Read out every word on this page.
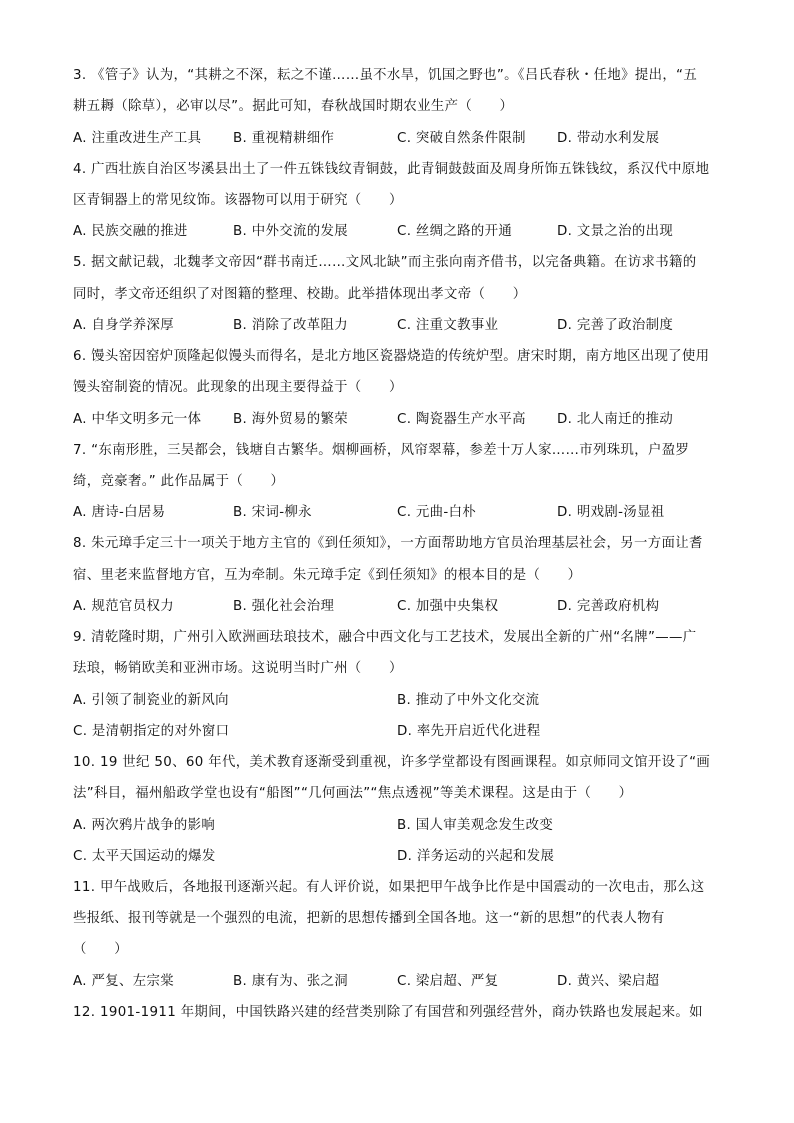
3. 《管子》认为，“其耕之不深，耘之不谨……虽不水旱，饥国之野也”。《吕氏春秋・任地》提出，“五
耕五耨（除草），必审以尽”。据此可知，春秋战国时期农业生产（　　）
A. 注重改进生产工具 B. 重视精耕细作	C. 突破自然条件限制 D. 带动水利发展
4. 广西壮族自治区岑溪县出土了一件五铢钱纹青铜鼓，此青铜鼓鼓面及周身所饰五铢钱纹，系汉代中原地
区青铜器上的常见纹饰。该器物可以用于研究（　　）
A. 民族交融的推进	B. 中外交流的发展	C. 丝绸之路的开通	D. 文景之治的出现
5. 据文献记载，北魏孝文帝因“群书南迁……文风北缺”而主张向南齐借书，以完备典籍。在访求书籍的
同时，孝文帝还组织了对图籍的整理、校勘。此举措体现出孝文帝（　　）
A. 自身学养深厚	B. 消除了改革阻力	C. 注重文教事业	D. 完善了政治制度
6. 馒头窑因窑炉顶隆起似馒头而得名，是北方地区瓷器烧造的传统炉型。唐宋时期，南方地区出现了使用
馒头窑制瓷的情况。此现象的出现主要得益于（　　）
A. 中华文明多元一体 B. 海外贸易的繁荣	C. 陶瓷器生产水平高 D. 北人南迁的推动
7. “东南形胜，三吴都会，钱塘自古繁华。烟柳画桥，风帘翠幕，参差十万人家……市列珠玑，户盈罗
绮，竞豪奢。” 此作品属于（　　）
A. 唐诗-白居易	B. 宋词-柳永	C. 元曲-白朴	D. 明戏剧-汤显祖
8. 朱元璋手定三十一项关于地方主官的《到任须知》，一方面帮助地方官员治理基层社会，另一方面让耆
宿、里老来监督地方官，互为牵制。朱元璋手定《到任须知》的根本目的是（　　）
A. 规范官员权力	B. 强化社会治理	C. 加强中央集权	D. 完善政府机构
9. 清乾隆时期，广州引入欧洲画珐琅技术，融合中西文化与工艺技术，发展出全新的广州“名牌”——广
珐琅，畅销欧美和亚洲市场。这说明当时广州（　　）
A. 引领了制瓷业的新风向	B. 推动了中外文化交流
C. 是清朝指定的对外窗口	D. 率先开启近代化进程
10. 19 世纪 50、60 年代，美术教育逐渐受到重视，许多学堂都设有图画课程。如京师同文馆开设了“画
法”科目，福州船政学堂也设有“船图”“几何画法”“焦点透视”等美术课程。这是由于（　　）
A. 两次鸦片战争的影响	B. 国人审美观念发生改变
C. 太平天国运动的爆发	D. 洋务运动的兴起和发展
11. 甲午战败后，各地报刊逐渐兴起。有人评价说，如果把甲午战争比作是中国震动的一次电击，那么这
些报纸、报刊等就是一个强烈的电流，把新的思想传播到全国各地。这一“新的思想”的代表人物有
（　　）
A. 严复、左宗棠	B. 康有为、张之洞	C. 梁启超、严复	D. 黄兴、梁启超
12. 1901-1911 年期间，中国铁路兴建的经营类别除了有国营和列强经营外，商办铁路也发展起来。如
